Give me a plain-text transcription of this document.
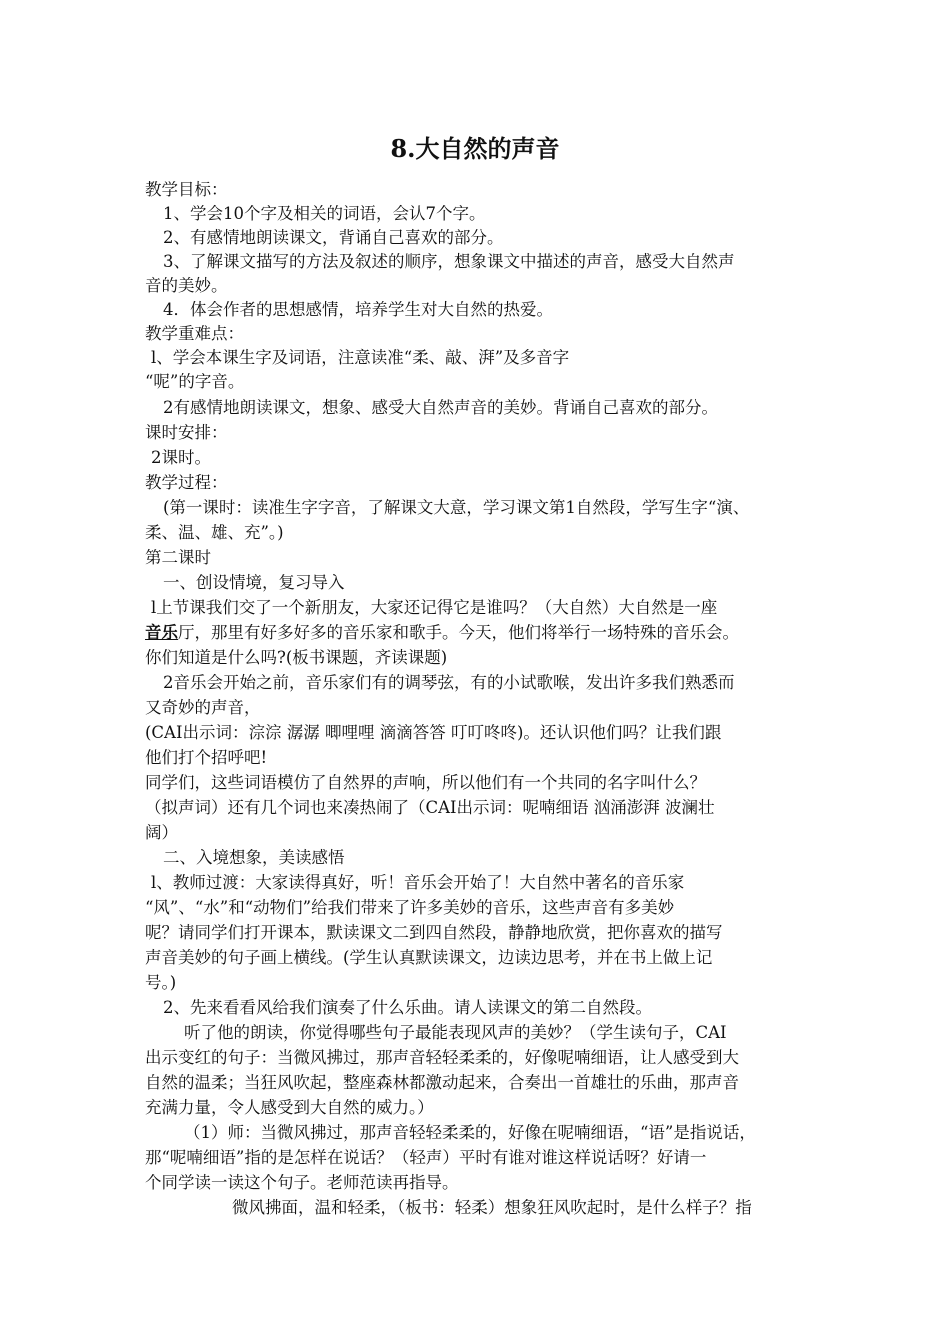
8.大自然的声音
教学目标：
1、学会10个字及相关的词语，会认7个字。
2、有感情地朗读课文，背诵自己喜欢的部分。
3、了解课文描写的方法及叙述的顺序，想象课文中描述的声音，感受大自然声
音的美妙。
4．体会作者的思想感情，培养学生对大自然的热爱。
教学重难点：
l、学会本课生字及词语，注意读准“柔、敲、湃”及多音字
“呢”的字音。
2有感情地朗读课文，想象、感受大自然声音的美妙。背诵自己喜欢的部分。
课时安排：
2课时。
教学过程：
(第一课时：读准生字字音，了解课文大意，学习课文第1自然段，学写生字“演、
柔、温、雄、充”。)
第二课时
一、创设情境，复习导入
l上节课我们交了一个新朋友，大家还记得它是谁吗？（大自然）大自然是一座
音乐厅，那里有好多好多的音乐家和歌手。今天，他们将举行一场特殊的音乐会。
你们知道是什么吗?(板书课题，齐读课题)
2音乐会开始之前，音乐家们有的调琴弦，有的小试歌喉，发出许多我们熟悉而
又奇妙的声音，
(CAI出示词：淙淙 潺潺 唧哩哩 滴滴答答 叮叮咚咚)。还认识他们吗？让我们跟
他们打个招呼吧!
同学们，这些词语模仿了自然界的声响，所以他们有一个共同的名字叫什么？
（拟声词）还有几个词也来凑热闹了（CAI出示词：呢喃细语 汹涌澎湃 波澜壮
阔）
二、入境想象，美读感悟
l、教师过渡：大家读得真好，听！音乐会开始了！大自然中著名的音乐家
“风”、“水”和“动物们”给我们带来了许多美妙的音乐，这些声音有多美妙
呢？请同学们打开课本，默读课文二到四自然段，静静地欣赏，把你喜欢的描写
声音美妙的句子画上横线。(学生认真默读课文，边读边思考，并在书上做上记
号。)
2、先来看看风给我们演奏了什么乐曲。请人读课文的第二自然段。
听了他的朗读，你觉得哪些句子最能表现风声的美妙？（学生读句子，CAI
出示变红的句子：当微风拂过，那声音轻轻柔柔的，好像呢喃细语，让人感受到大
自然的温柔；当狂风吹起，整座森林都激动起来，合奏出一首雄壮的乐曲，那声音
充满力量，令人感受到大自然的威力。）
（1）师：当微风拂过，那声音轻轻柔柔的，好像在呢喃细语，“语”是指说话，
那“呢喃细语”指的是怎样在说话？（轻声）平时有谁对谁这样说话呀？好请一
个同学读一读这个句子。老师范读再指导。
微风拂面，温和轻柔，（板书：轻柔）想象狂风吹起时，是什么样子？指
